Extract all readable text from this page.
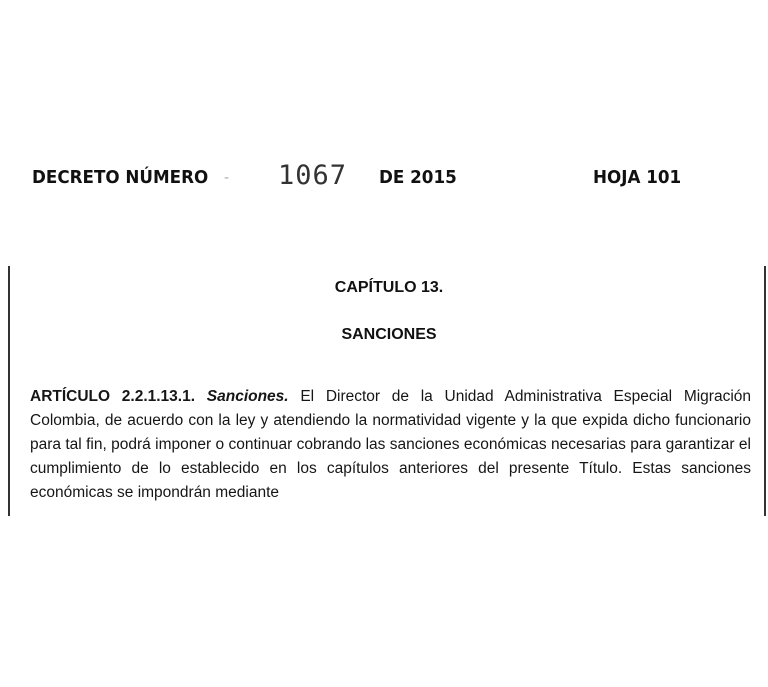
DECRETO NÚMERO - 1067 DE 2015	HOJA 101
CAPÍTULO 13.
SANCIONES

ARTÍCULO 2.2.1.13.1. Sanciones. El Director de la Unidad Administrativa Especial Migración Colombia, de acuerdo con la ley y atendiendo la normatividad vigente y la que expida dicho funcionario para tal fin, podrá imponer o continuar cobrando las sanciones económicas necesarias para garantizar el cumplimiento de lo establecido en los capítulos anteriores del presente Título. Estas sanciones económicas se impondrán mediante
